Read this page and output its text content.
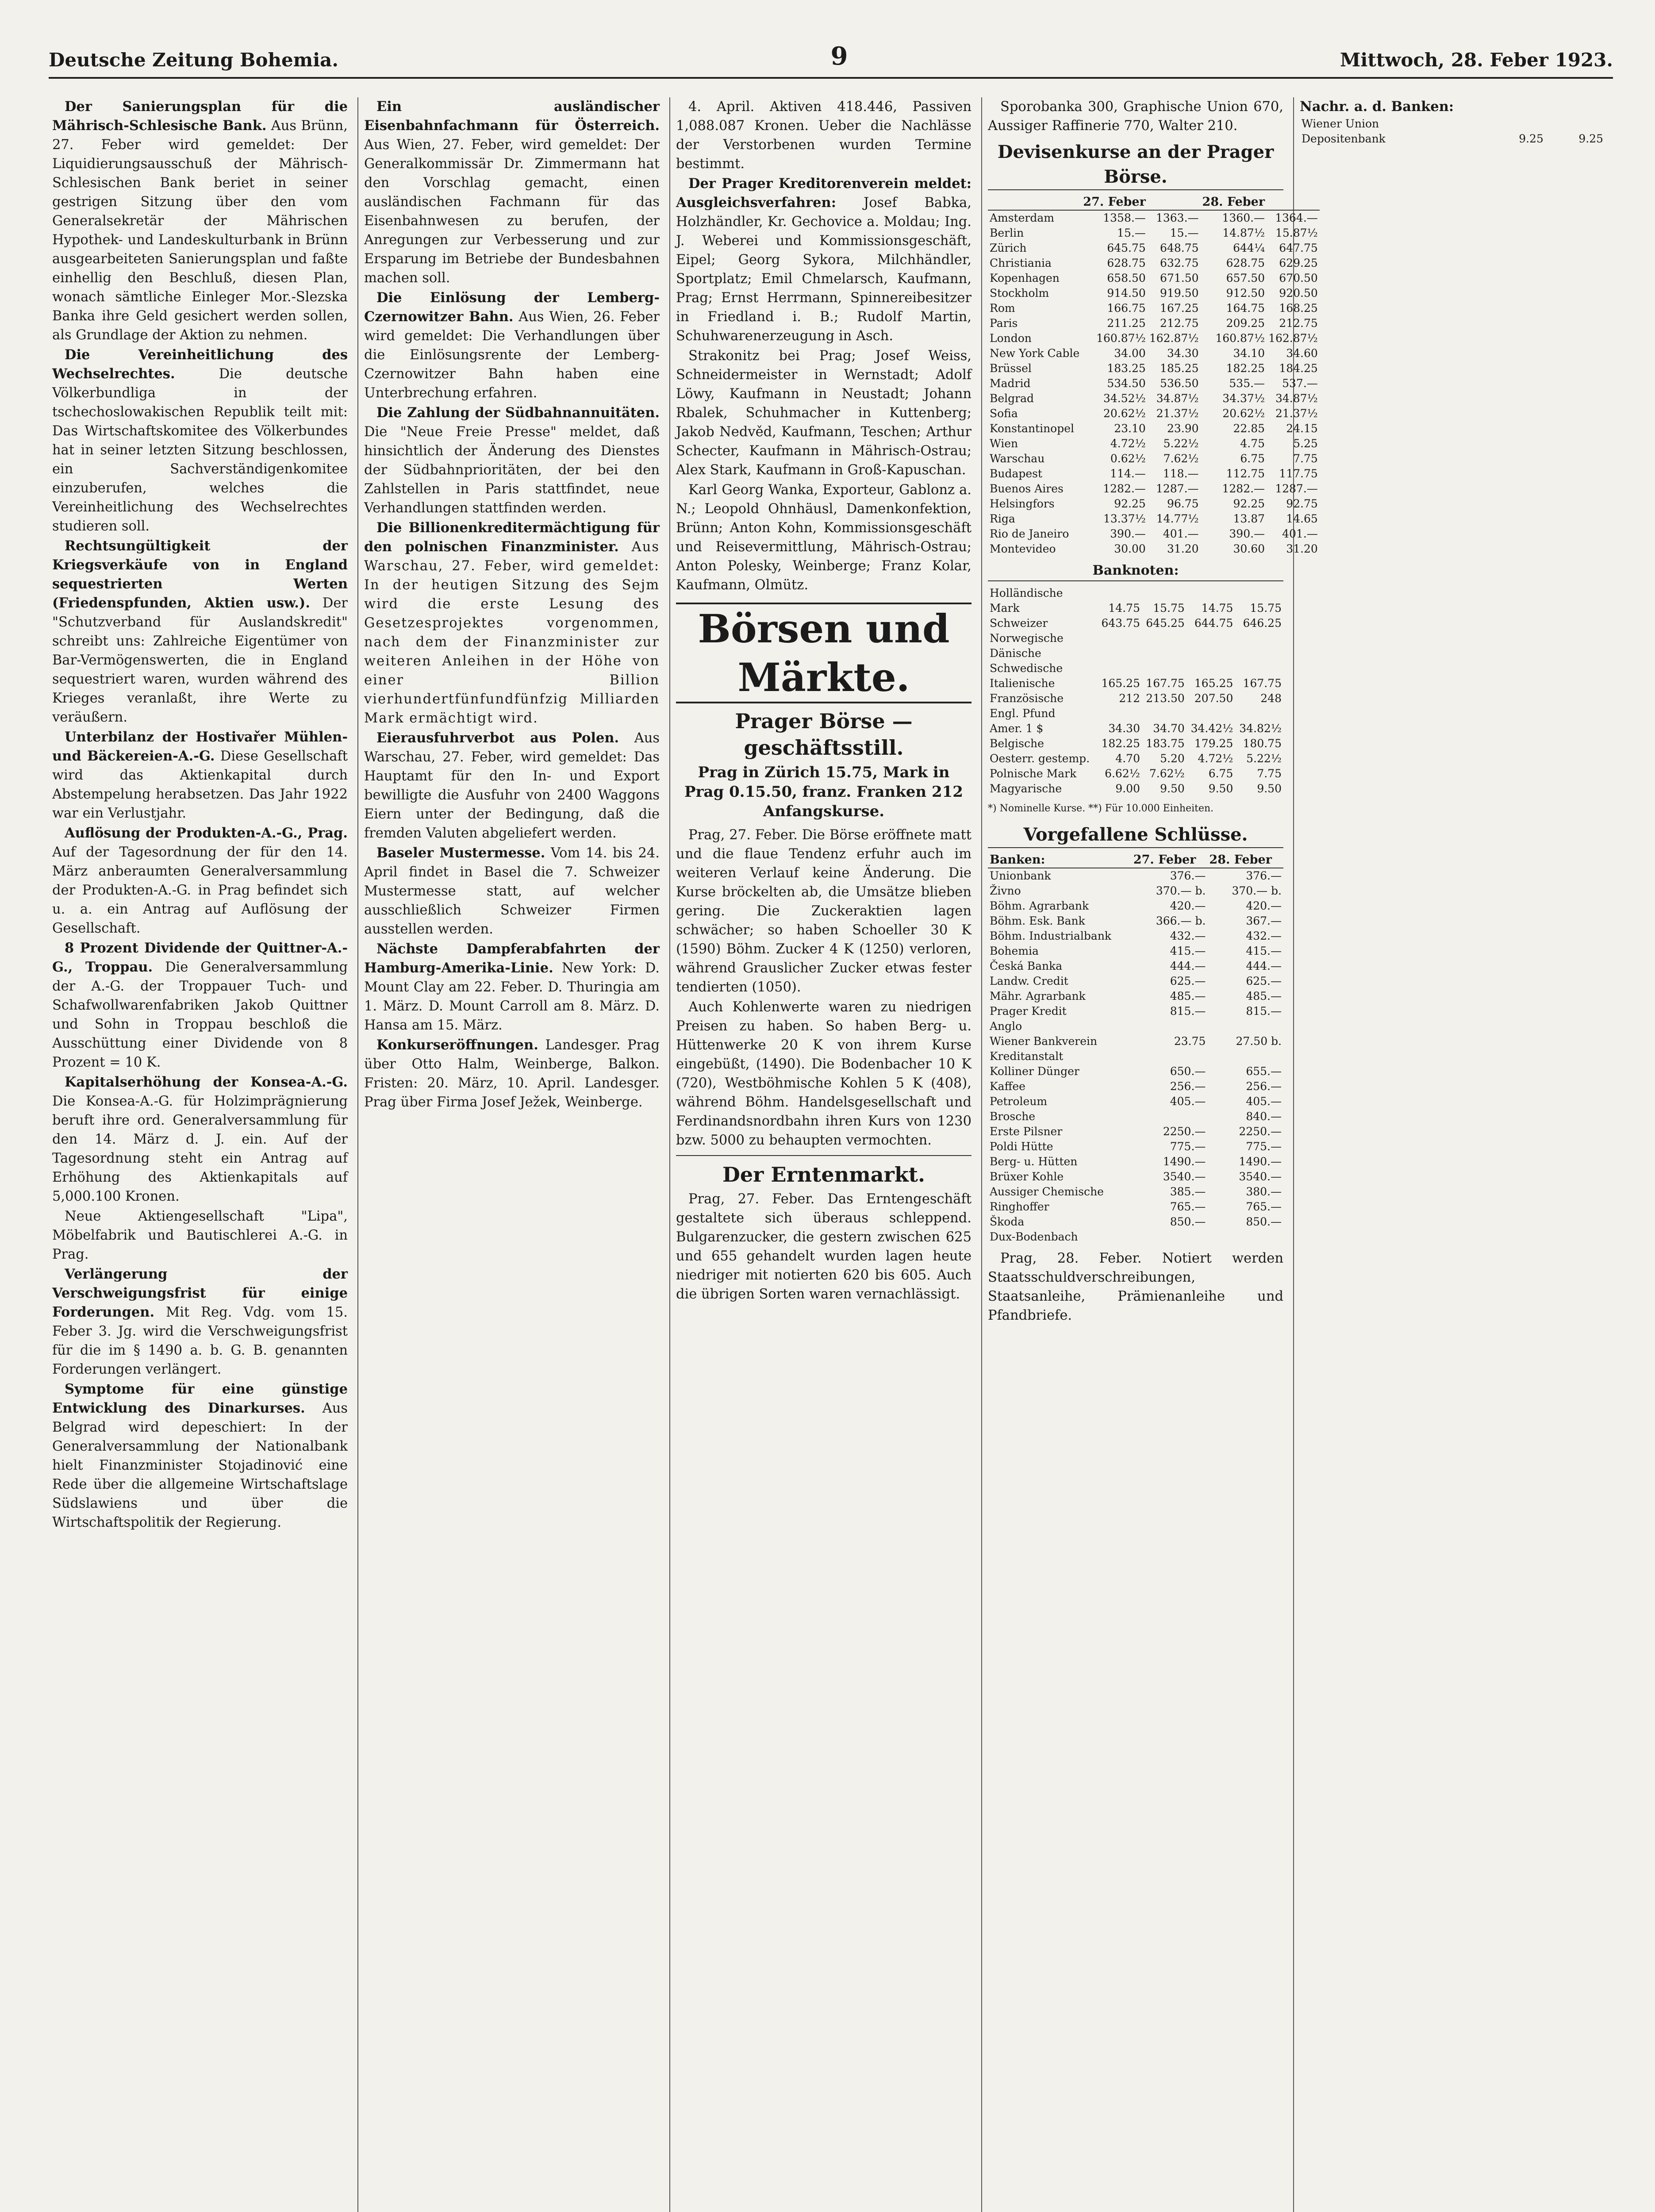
Deutsche Zeitung Bohemia.	9	Mittwoch, 28. Feber 1923.

Der Sanierungsplan für die Mährisch-Schlesische Bank. Aus Brünn, 27. Feber wird gemeldet: Der Liquidierungsausschuß der Mährisch-Schlesischen Bank beriet in seiner gestrigen Sitzung über den vom Generalsekretär der Mährischen Hypothek- und Landeskulturbank in Brünn ausgearbeiteten Sanierungsplan und faßte einhellig den Beschluß, diesen Plan, wonach sämtliche Einleger Mor.-Slezska Banka ihre Geld gesichert werden sollen, als Grundlage der Aktion zu nehmen.

Die Vereinheitlichung des Wechselrechtes.	Die deutsche Völkerbundliga in der tschechoslowakischen Republik teilt mit: Das Wirtschaftskomitee des Völkerbundes hat in seiner letzten Sitzung beschlossen, ein Sachverständigenkomitee einzuberufen, welches die Vereinheitlichung des Wechselrechtes studieren soll.

Rechtsungültigkeit der Kriegsverkäufe von in England sequestrierten Werten (Friedenspfunden, Aktien usw.). Der "Schutzverband für Auslandskredit" schreibt uns: Zahlreiche Eigentümer von Bar-Vermögenswerten, die in England sequestriert waren, wurden während des Krieges veranlaßt, ihre Werte zu veräußern.

Unterbilanz der Hostivařer Mühlen- und Bäckereien-A.-G. Diese Gesellschaft wird das Aktienkapital durch Abstempelung herabsetzen. Das Jahr 1922 war ein Verlustjahr.

Auflösung der Produkten-A.-G., Prag. Auf der Tagesordnung der für den 14. März anberaumten Generalversammlung der Produkten-A.-G. in Prag befindet sich u. a. ein Antrag auf Auflösung der Gesellschaft.

8 Prozent Dividende der Quittner-A.-G., Troppau. Die Generalversammlung der A.-G. der Troppauer Tuch- und Schafwollwarenfabriken Jakob Quittner und Sohn in Troppau beschloß die Ausschüttung einer Dividende von 8 Prozent = 10 K.

Kapitalserhöhung der Konsea-A.-G. Die Konsea-A.-G. für Holzimprägnierung beruft ihre ord. Generalversammlung für den 14. März d. J. ein. Auf der Tagesordnung steht ein Antrag auf Erhöhung des Aktienkapitals auf 5,000.100 Kronen.

Neue Aktiengesellschaft "Lipa", Möbelfabrik und Bautischlerei A.-G. in Prag.

Verlängerung der Verschweigungsfrist für einige Forderungen. Mit Reg. Vdg. vom 15. Feber 3. Jg. wird die Verschweigungsfrist für die im § 1490 a. b. G. B. genannten Forderungen verlängert.

Symptome für eine günstige Entwicklung des Dinarkurses. Aus Belgrad wird depeschiert: In der Generalversammlung der Nationalbank hielt Finanzminister Stojadinović eine Rede über die allgemeine Wirtschaftslage Südslawiens und über die Wirtschaftspolitik der Regierung.

Ein ausländischer Eisenbahnfachmann für Österreich. Aus Wien, 27. Feber, wird gemeldet: Der Generalkommissär Dr. Zimmermann hat den Vorschlag gemacht, einen ausländischen Fachmann für das Eisenbahnwesen zu berufen, der Anregungen zur Verbesserung und zur Ersparung im Betriebe der Bundesbahnen machen soll.

Die Einlösung der Lemberg-Czernowitzer Bahn. Aus Wien, 26. Feber wird gemeldet: Die Verhandlungen über die Einlösungsrente der Lemberg-Czernowitzer Bahn haben eine Unterbrechung erfahren.

Die Zahlung der Südbahnannuitäten. Die "Neue Freie Presse" meldet, daß hinsichtlich der Änderung des Dienstes der Südbahnprioritäten, der bei den Zahlstellen in Paris stattfindet, neue Verhandlungen stattfinden werden.

Die Billionenkreditermächtigung für den polnischen Finanzminister. Aus Warschau, 27. Feber, wird gemeldet: In der heutigen Sitzung des Sejm wird die erste Lesung des Gesetzesprojektes vorgenommen, nach dem der Finanzminister zur weiteren Anleihen in der Höhe von einer Billion vierhundertfünfundfünfzig Milliarden Mark ermächtigt wird.

Eierausfuhrverbot aus Polen. Aus Warschau, 27. Feber, wird gemeldet: Das Hauptamt für den In- und Export bewilligte die Ausfuhr von 2400 Waggons Eiern unter der Bedingung, daß die fremden Valuten abgeliefert werden.

Baseler Mustermesse. Vom 14. bis 24. April findet in Basel die 7. Schweizer Mustermesse statt, auf welcher ausschließlich Schweizer Firmen ausstellen werden.

Nächste Dampferabfahrten der Hamburg-Amerika-Linie. New York: D. Mount Clay am 22. Feber. D. Thuringia am 1. März. D. Mount Carroll am 8. März. D. Hansa am 15. März.

Konkurseröffnungen. Landesger. Prag über Otto Halm, Weinberge, Balkon. Fristen: 20. März, 10. April. Landesger. Prag über Firma Josef Ježek, Weinberge.

4. April. Aktiven 418.446, Passiven 1,088.087 Kronen. Ueber die Nachlässe der Verstorbenen wurden Termine bestimmt.

Der Prager Kreditorenverein meldet: Ausgleichsverfahren: Josef Babka, Holzhändler, Kr. Gechovice a. Moldau; Ing. J. Weberei und Kommissionsgeschäft, Eipel; Georg Sykora, Milchhändler, Sportplatz; Emil Chmelarsch, Kaufmann, Prag; Ernst Herrmann, Spinnereibesitzer in Friedland i. B.; Rudolf Martin, Schuhwarenerzeugung in Asch.

Strakonitz bei Prag; Josef Weiss, Schneidermeister in Wernstadt; Adolf Löwy, Kaufmann in Neustadt; Johann Rbalek, Schuhmacher in Kuttenberg; Jakob Nedvěd, Kaufmann, Teschen; Arthur Schecter, Kaufmann in Mährisch-Ostrau; Alex Stark, Kaufmann in Groß-Kapuschan.

Karl Georg Wanka, Exporteur, Gablonz a. N.; Leopold Ohnhäusl, Damenkonfektion, Brünn; Anton Kohn, Kommissionsgeschäft und Reisevermittlung, Mährisch-Ostrau; Anton Polesky, Weinberge; Franz Kolar, Kaufmann, Olmütz.

Börsen und Märkte.
Prager Börse — geschäftsstill.
Prag in Zürich 15.75, Mark in Prag 0.15.50, franz. Franken 212 Anfangskurse.

Prag, 27. Feber. Die Börse eröffnete matt und die flaue Tendenz erfuhr auch im weiteren Verlauf keine Änderung. Die Kurse bröckelten ab, die Umsätze blieben gering. Die Zuckeraktien lagen schwächer; so haben Schoeller 30 K (1590) Böhm. Zucker 4 K (1250) verloren, während Grauslicher Zucker etwas fester tendierten (1050).

Auch Kohlenwerte waren zu niedrigen Preisen zu haben. So haben Berg- u. Hüttenwerke 20 K von ihrem Kurse eingebüßt, (1490). Die Bodenbacher 10 K (720), Westböhmische Kohlen 5 K (408), während Böhm. Handelsgesellschaft und Ferdinandsnordbahn ihren Kurs von 1230 bzw. 5000 zu behaupten vermochten.

Der Erntenmarkt.

Prag, 27. Feber. Das Erntengeschäft gestaltete sich überaus schleppend. Bulgarenzucker, die gestern zwischen 625 und 655 gehandelt wurden lagen heute niedriger mit notierten 620 bis 605. Auch die übrigen Sorten waren vernachlässigt.

Sporobanka 300, Graphische Union 670, Aussiger Raffinerie 770, Walter 210.

Devisenkurse an der Prager Börse.
	27. Feber		28. Feber	
Amsterdam	1358.—	1363.—	1360.—	1364.—
Berlin	15.—	15.—	14.87½	15.87½
Zürich	645.75	648.75	644¼	647.75
Christiania	628.75	632.75	628.75	629.25
Kopenhagen	658.50	671.50	657.50	670.50
Stockholm	914.50	919.50	912.50	920.50
Rom	166.75	167.25	164.75	168.25
Paris	211.25	212.75	209.25	212.75
London	160.87½	162.87½	160.87½	162.87½
New York Cable	34.00	34.30	34.10	34.60
Brüssel	183.25	185.25	182.25	184.25
Madrid	534.50	536.50	535.—	537.—
Belgrad	34.52½	34.87½	34.37½	34.87½
Sofia	20.62½	21.37½	20.62½	21.37½
Konstantinopel	23.10	23.90	22.85	24.15
Wien	4.72½	5.22½	4.75	5.25
Warschau	0.62½	7.62½	6.75	7.75
Budapest	114.—	118.—	112.75	117.75
Buenos Aires	1282.—	1287.—	1282.—	1287.—
Helsingfors	92.25	96.75	92.25	92.75
Riga	13.37½	14.77½	13.87	14.65
Rio de Janeiro	390.—	401.—	390.—	401.—
Montevideo	30.00	31.20	30.60	31.20
Banknoten:
Holländische				
Mark	14.75	15.75	14.75	15.75
Schweizer	643.75	645.25	644.75	646.25
Norwegische				
Dänische				
Schwedische				
Italienische	165.25	167.75	165.25	167.75
Französische	212	213.50	207.50	248
Engl. Pfund				
Amer. 1 $	34.30	34.70	34.42½	34.82½
Belgische	182.25	183.75	179.25	180.75
Oesterr. gestemp.	4.70	5.20	4.72½	5.22½
Polnische Mark	6.62½	7.62½	6.75	7.75
Magyarische	9.00	9.50	9.50	9.50
*) Nominelle Kurse. **) Für 10.000 Einheiten.
Vorgefallene Schlüsse.
Banken:	27. Feber	28. Feber
Unionbank	376.—	376.—
Živno	370.— b.	370.— b.
Böhm. Agrarbank	420.—	420.—
Böhm. Esk. Bank	366.— b.	367.—
Böhm. Industrialbank	432.—	432.—
Bohemia	415.—	415.—
Česká Banka	444.—	444.—
Landw. Credit	625.—	625.—
Mähr. Agrarbank	485.—	485.—
Prager Kredit	815.—	815.—
Anglo		
Wiener Bankverein	23.75	27.50 b.
Kreditanstalt		
Kolliner Dünger	650.—	655.—
Kaffee	256.—	256.—
Petroleum	405.—	405.—
Brosche		840.—
Erste Pilsner	2250.—	2250.—
Poldi Hütte	775.—	775.—
Berg- u. Hütten	1490.—	1490.—
Brüxer Kohle	3540.—	3540.—
Aussiger Chemische	385.—	380.—
Ringhoffer	765.—	765.—
Škoda	850.—	850.—
Dux-Bodenbach		

Prag, 28. Feber. Notiert werden Staatsschuldverschreibungen, Staatsanleihe, Prämienanleihe und Pfandbriefe.

Nachr. a. d. Banken:
Wiener Union		
Depositenbank	9.25	9.25
